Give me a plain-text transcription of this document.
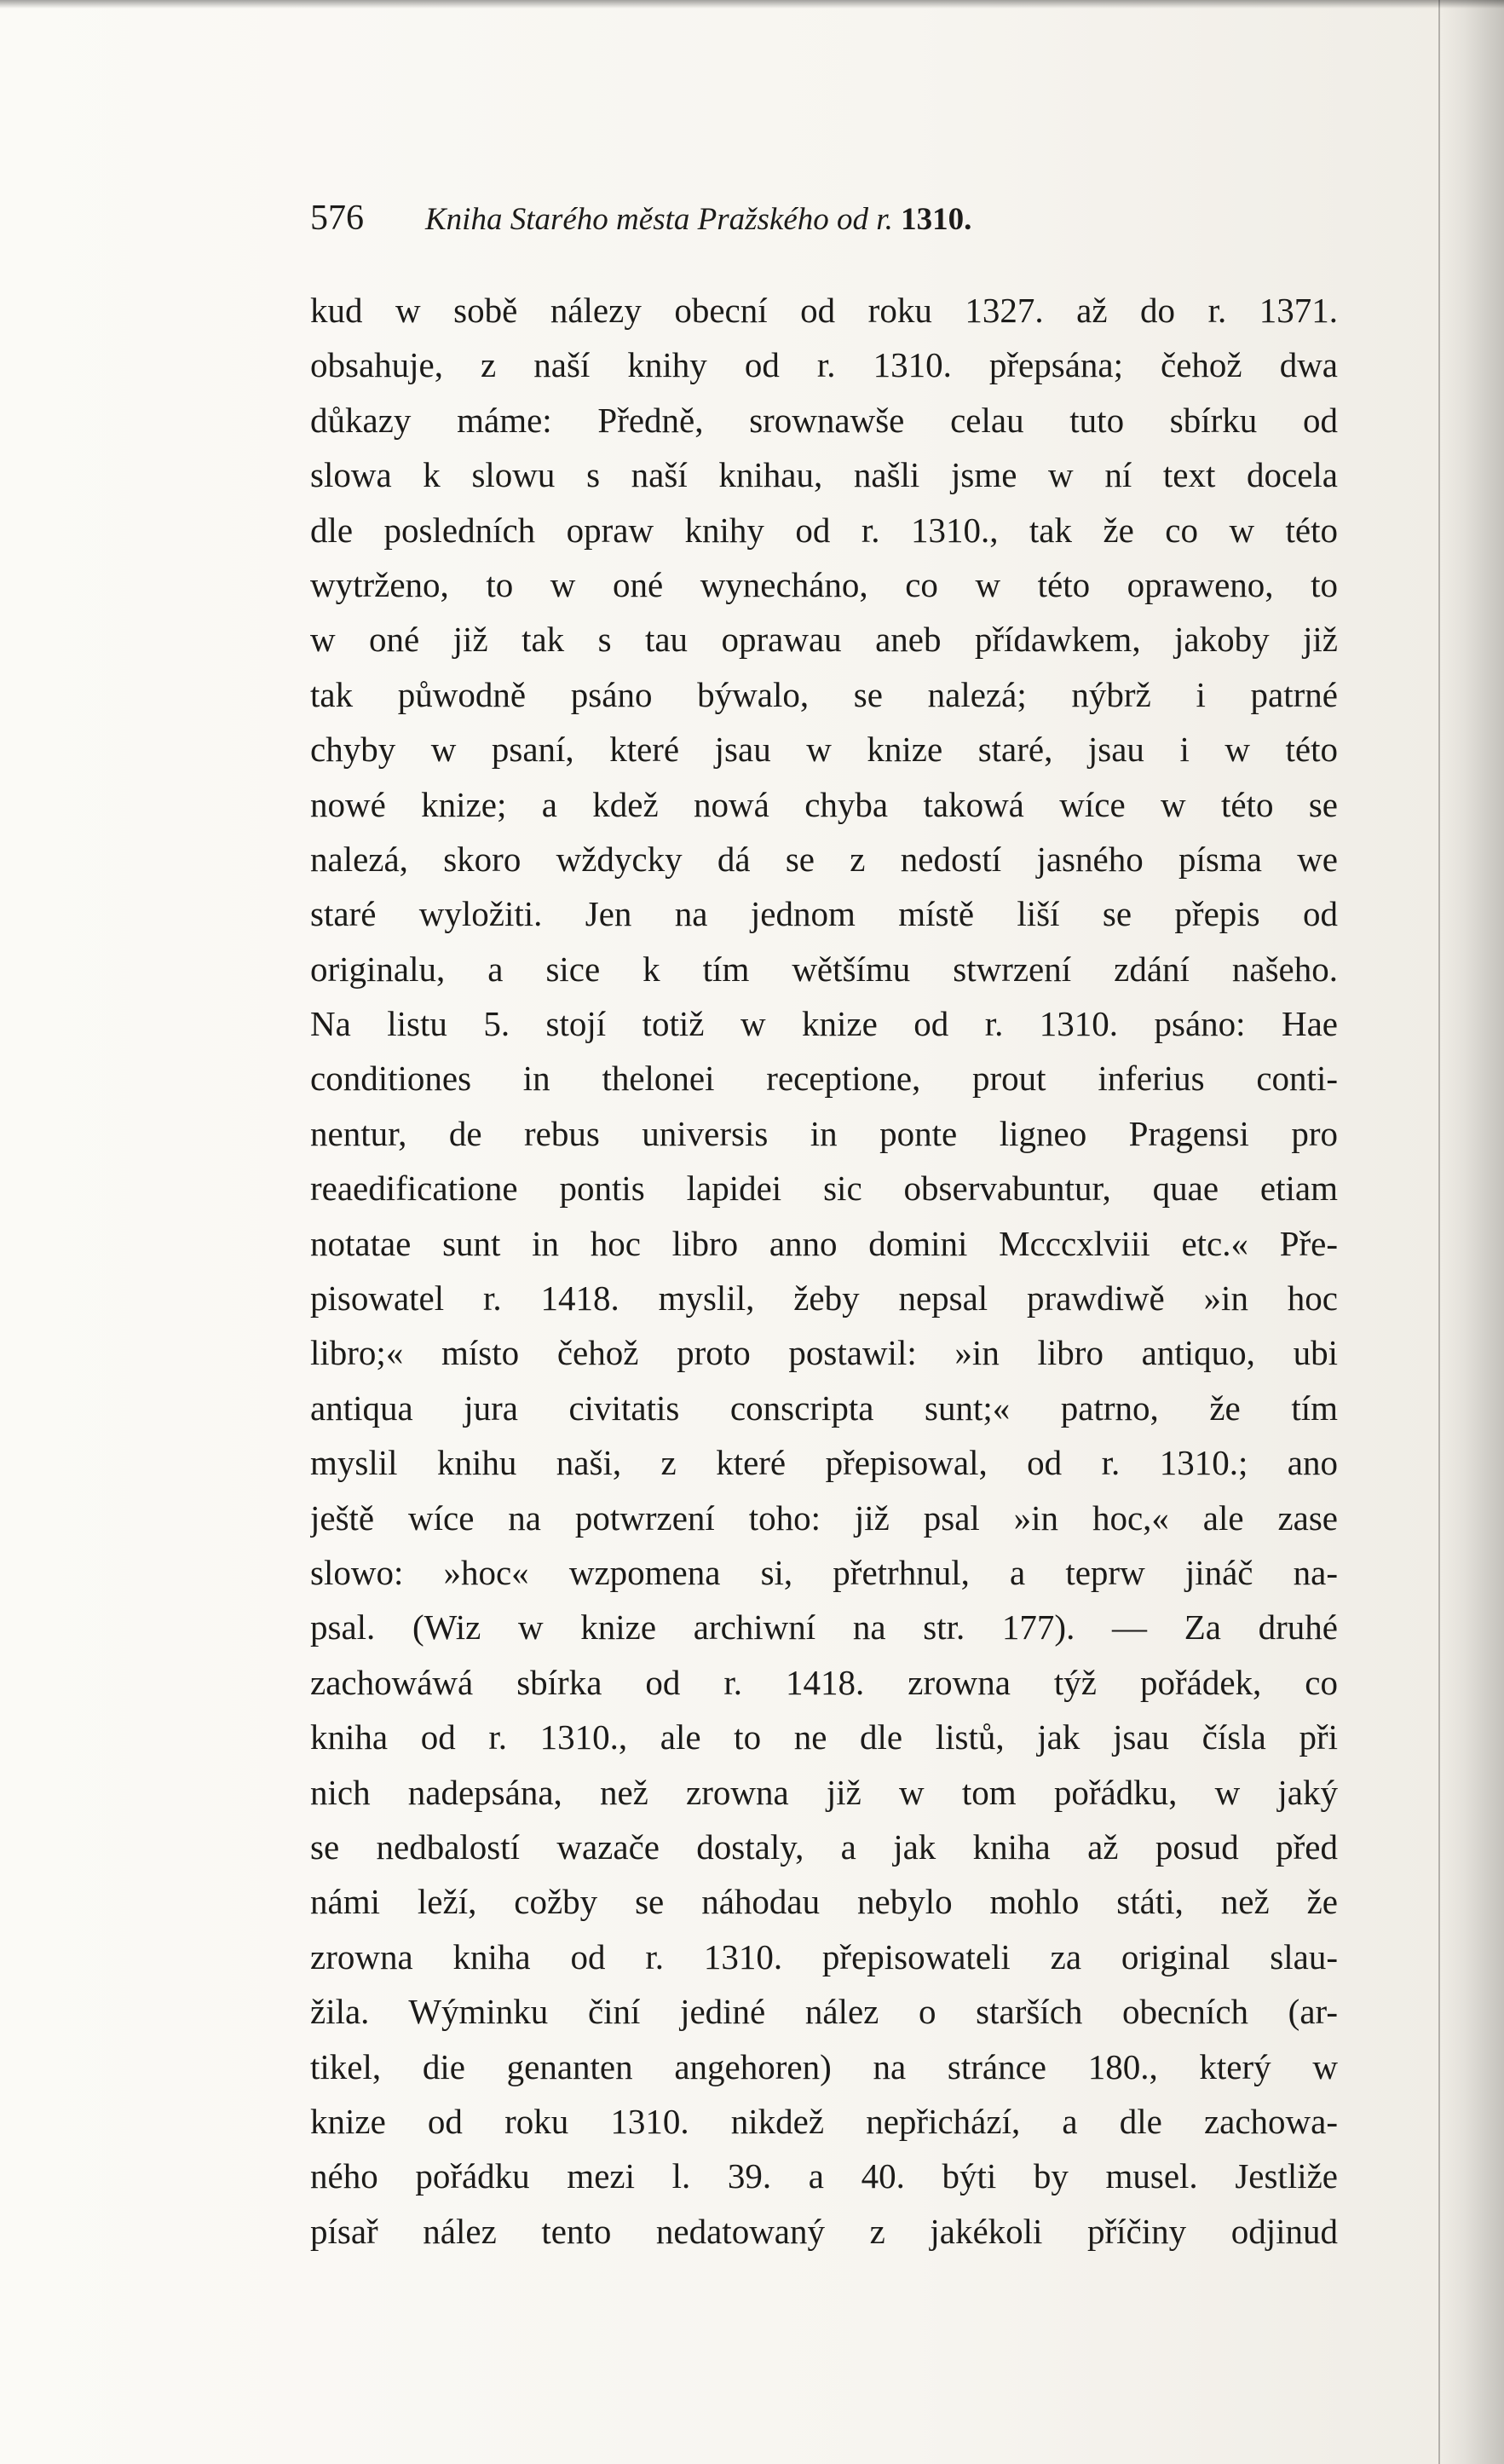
576 Kniha Starého města Pražského od r. 1310.
kud w sobě nálezy obecní od roku 1327. až do r. 1371.
obsahuje, z naší knihy od r. 1310. přepsána; čehož dwa
důkazy máme: Předně, srownawše celau tuto sbírku od
slowa k slowu s naší knihau, našli jsme w ní text docela
dle posledních opraw knihy od r. 1310., tak že co w této
wytrženo, to w oné wynecháno, co w této oprawenо, to
w oné již tak s tau oprawau aneb přídawkem, jakoby již
tak půwodně psáno býwalo, se nalezá; nýbrž i patrné
chyby w psaní, které jsau w knize staré, jsau i w této
nowé knize; a kdež nowá chyba takowá wíce w této se
nalezá, skoro wždycky dá se z nedostí jasného písma we
staré wyložiti. Jen na jednom místě liší se přepis od
originalu, a sice k tím wětšímu stwrzení zdání našeho.
Na listu 5. stojí totiž w knize od r. 1310. psáno: Hae
conditiones in thelonei receptione, prout inferius conti-
nentur, de rebus universis in ponte ligneo Pragensi pro
reaedificatione pontis lapidei sic observabuntur, quae etiam
notatae sunt in hoc libro anno domini Mcccxlviii etc.« Pře-
pisowatel r. 1418. myslil, žeby nepsal prawdiwě »in hoc
libro;« místo čehož proto postawil: »in libro antiquo, ubi
antiqua jura civitatis conscripta sunt;« patrno, že tím
myslil knihu naši, z které přepisowal, od r. 1310.; ano
ještě wíce na potwrzení toho: již psal »in hoc,« ale zase
slowo: »hoc« wzpomena si, přetrhnul, a teprw jináč na-
psal. (Wiz w knize archiwní na str. 177). — Za druhé
zachowáwá sbírka od r. 1418. zrowna týž pořádek, co
kniha od r. 1310., ale to ne dle listů, jak jsau čísla při
nich nadepsána, než zrowna již w tom pořádku, w jaký
se nedbalostí wazače dostaly, a jak kniha až posud před
námi leží, cožby se náhodau nebylo mohlo státi, než že
zrowna kniha od r. 1310. přepisowateli za original slau-
žila. Wýminku činí jediné nález o starších obecních (ar-
tikel, die genanten angehoren) na stránce 180., který w
knize od roku 1310. nikdež nepřichází, a dle zachowa-
ného pořádku mezi l. 39. a 40. býti by musel. Jestliže
písař nález tento nedatowaný z jakékoli příčiny odjinud
